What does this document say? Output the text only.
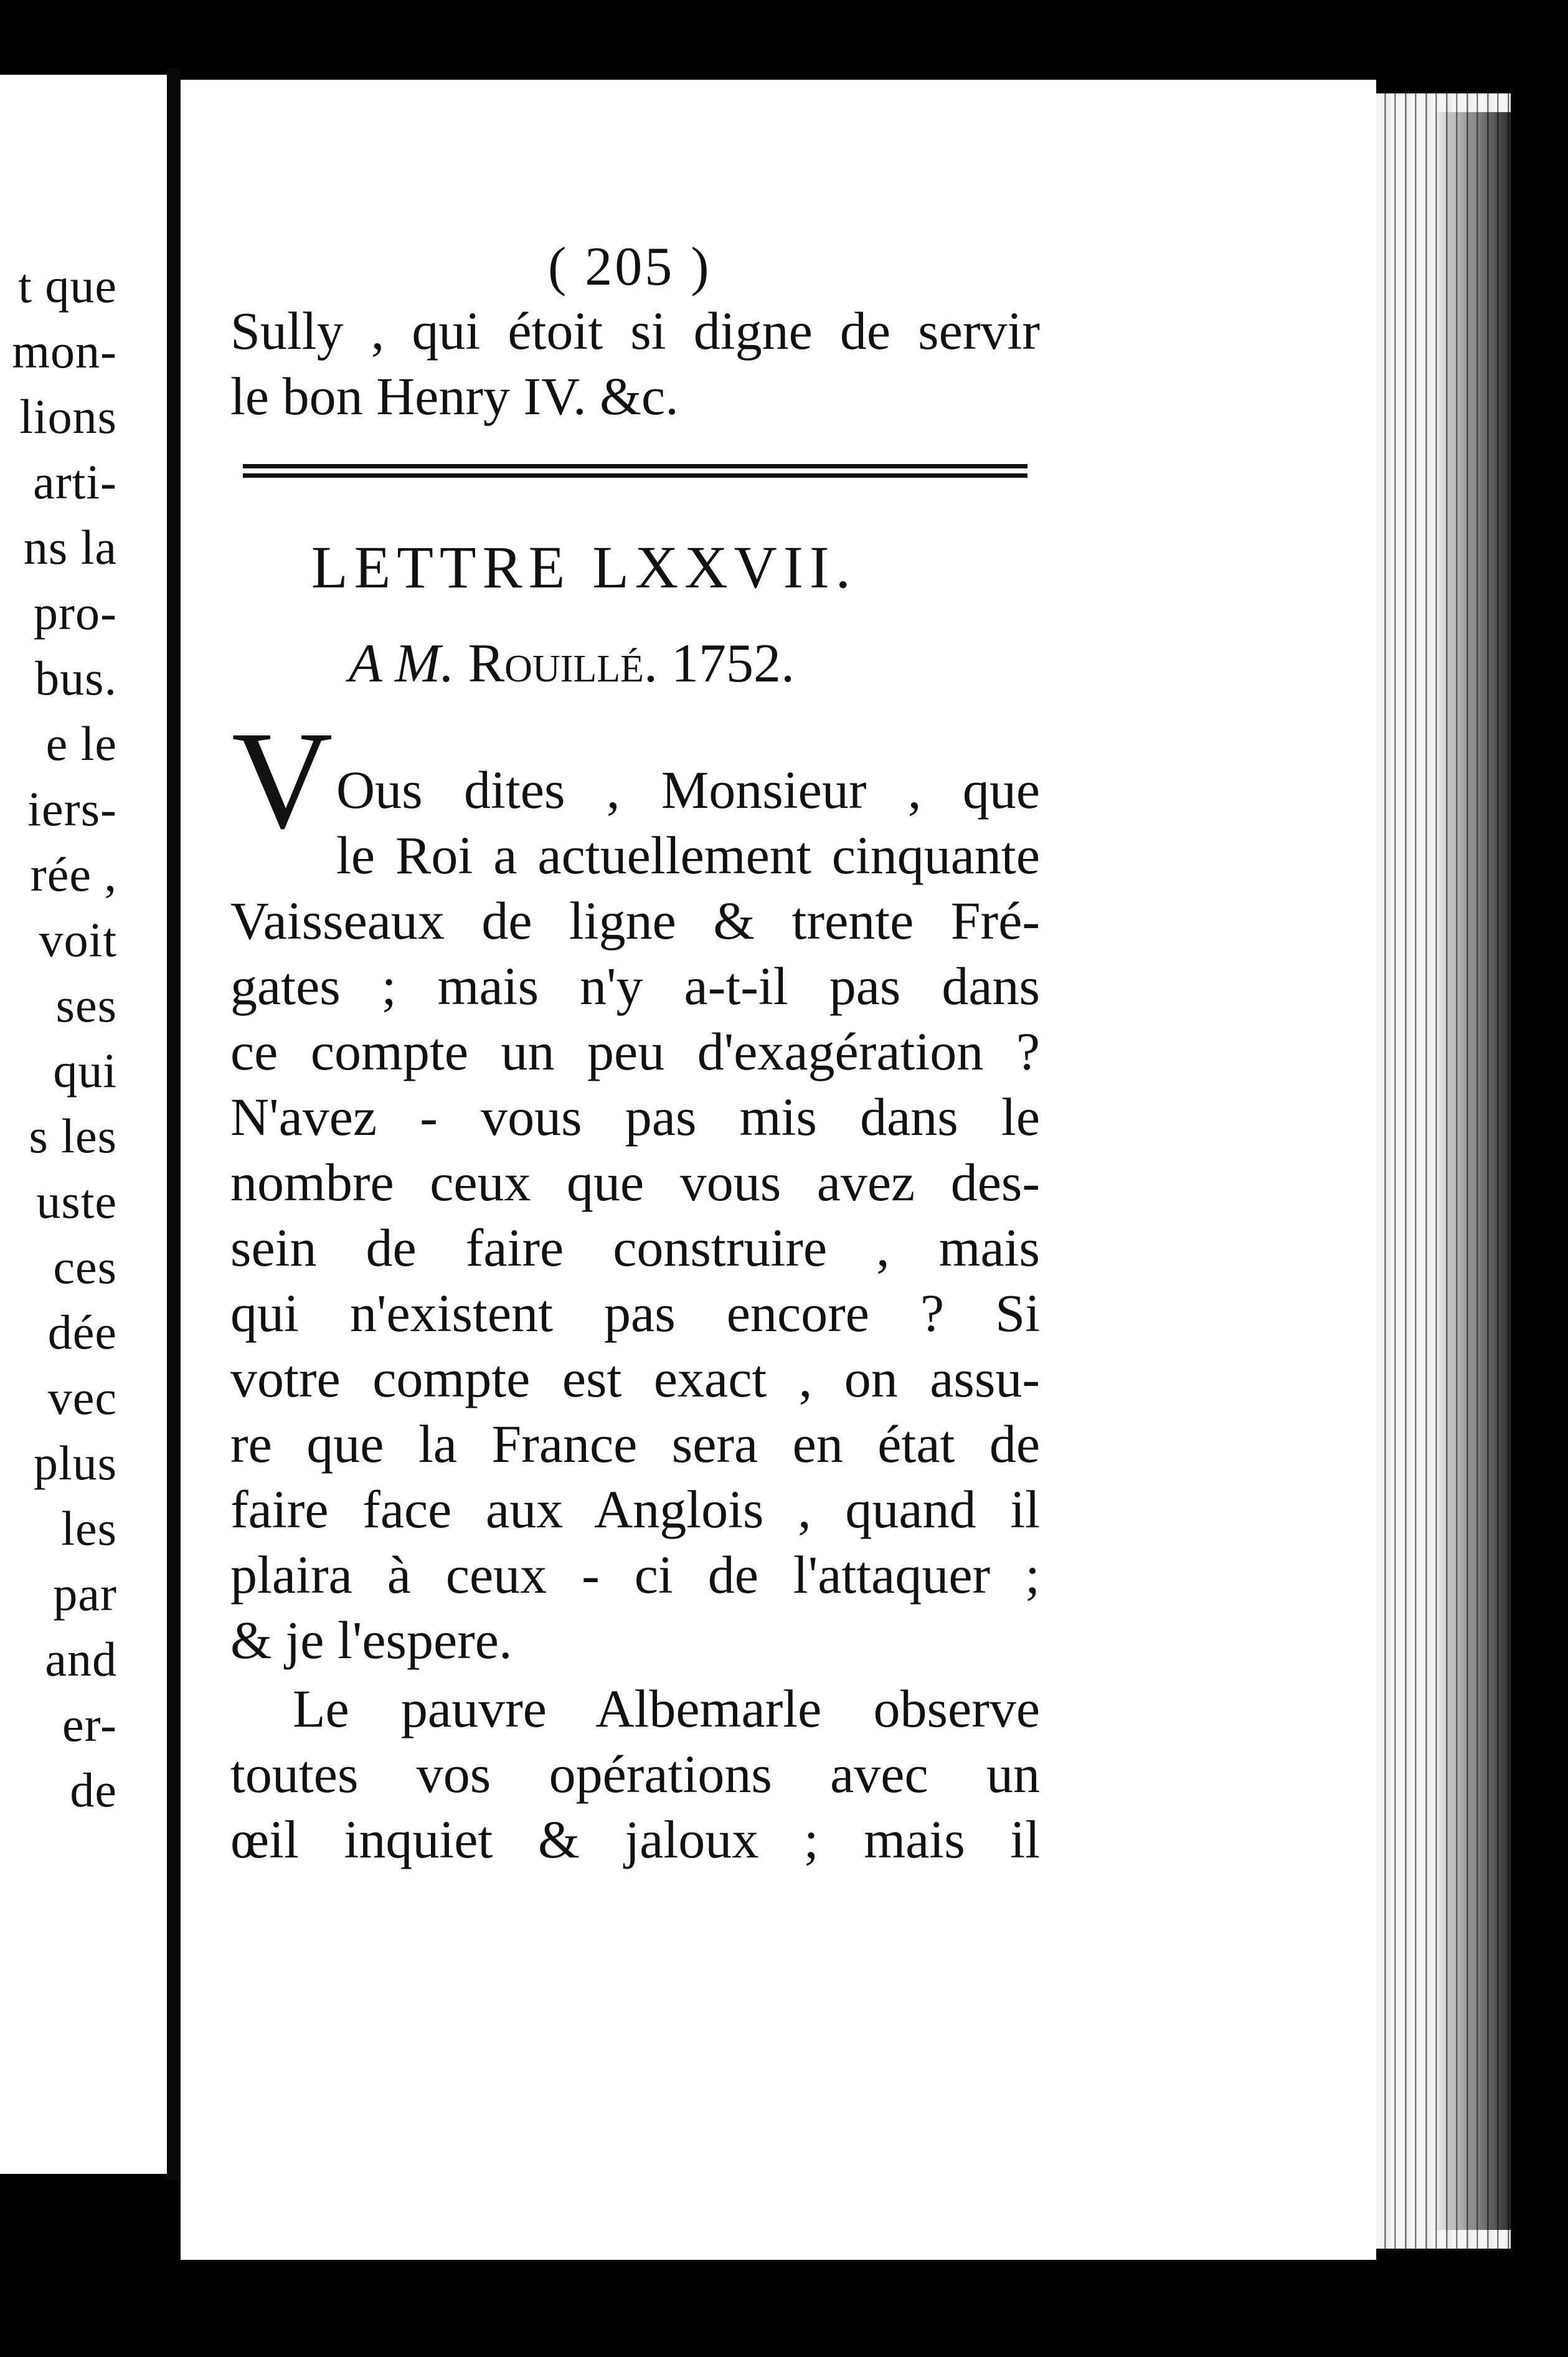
t que
mon-
lions
arti-
ns la
pro-
bus.
e le
iers-
rée ,
voit
ses
qui
s les
uste
ces
dée
vec
plus
les
par
and
er-
de
( 205 )
Sully , qui étoit si digne de servir
le bon Henry IV. &c.
LETTRE LXXVII.
A M. Rouillé. 1752.
V Ous dites , Monsieur , que
le Roi a actuellement cinquante
Vaisseaux de ligne & trente Fré-
gates ; mais n'y a-t-il pas dans
ce compte un peu d'exagération ?
N'avez - vous pas mis dans le
nombre ceux que vous avez des-
sein de faire construire , mais
qui n'existent pas encore ? Si
votre compte est exact , on assu-
re que la France sera en état de
faire face aux Anglois , quand il
plaira à ceux - ci de l'attaquer ;
& je l'espere.
Le pauvre Albemarle observe
toutes vos opérations avec un
œil inquiet & jaloux ; mais il
